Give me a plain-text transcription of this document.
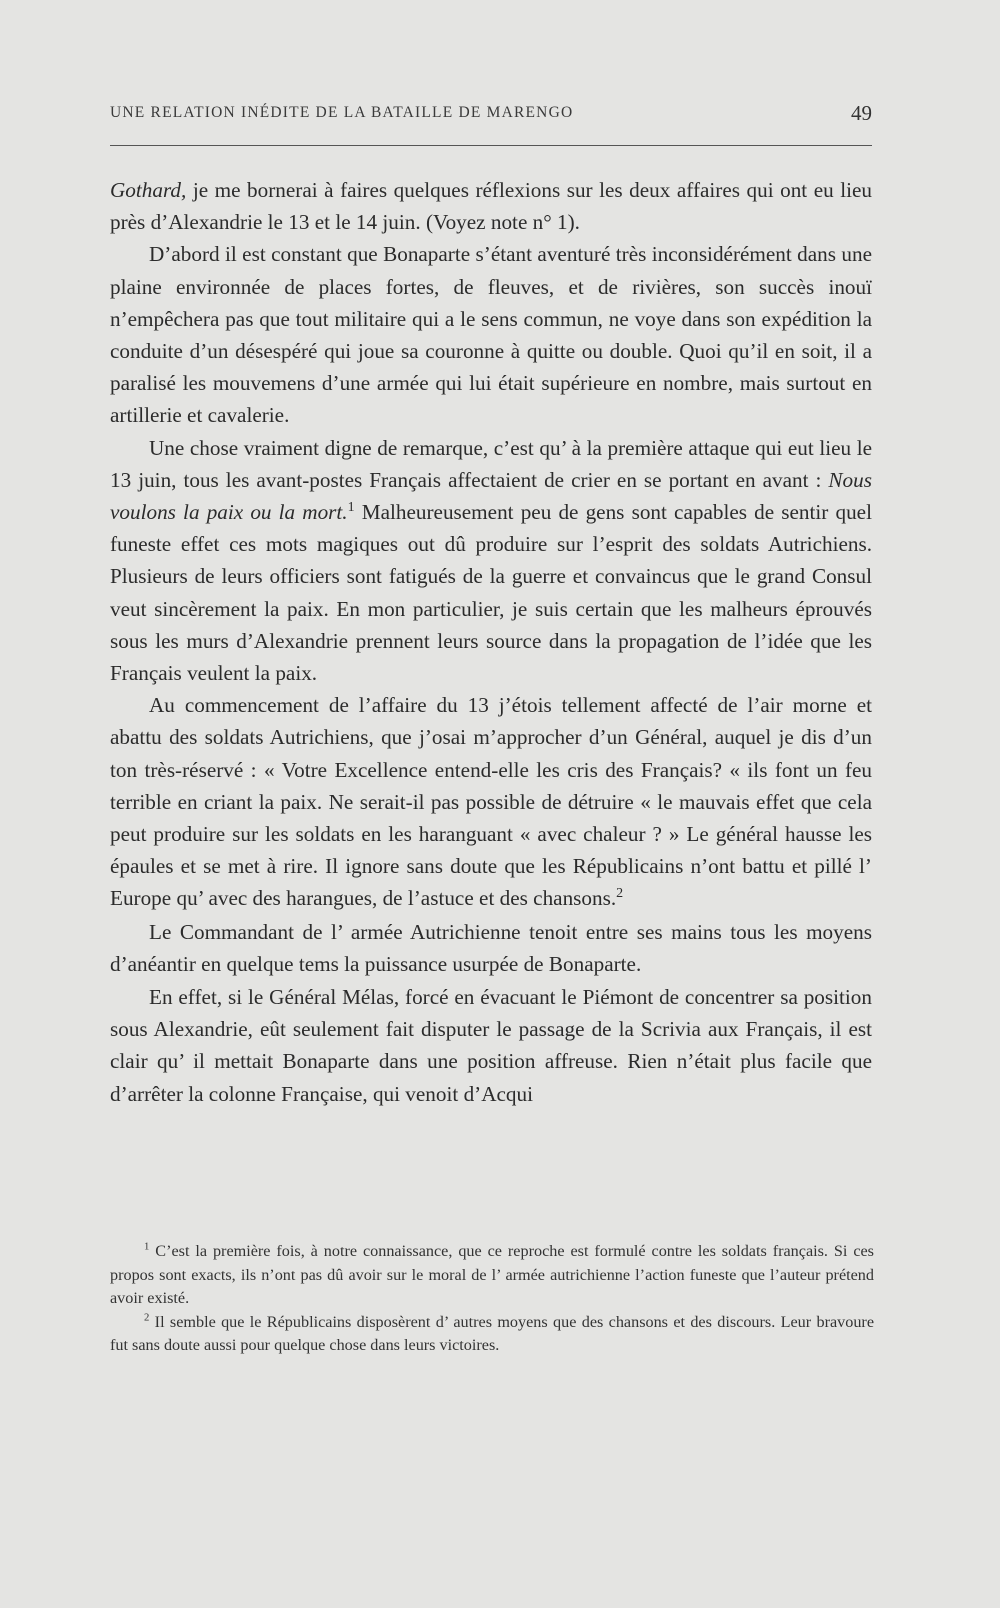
UNE RELATION INÉDITE DE LA BATAILLE DE MARENGO	49

Gothard, je me bornerai à faires quelques réflexions sur les deux affaires qui ont eu lieu près d’Alexandrie le 13 et le 14 juin. (Voyez note n° 1).

D’abord il est constant que Bonaparte s’étant aventuré très inconsidérément dans une plaine environnée de places fortes, de fleuves, et de rivières, son succès inouï n’empêchera pas que tout militaire qui a le sens commun, ne voye dans son expédition la conduite d’un désespéré qui joue sa couronne à quitte ou double. Quoi qu’il en soit, il a paralisé les mouvemens d’une armée qui lui était supérieure en nombre, mais surtout en artillerie et cavalerie.

Une chose vraiment digne de remarque, c’est qu’ à la première attaque qui eut lieu le 13 juin, tous les avant-postes Français affectaient de crier en se portant en avant : Nous voulons la paix ou la mort.$^1$ Malheureusement peu de gens sont capables de sentir quel funeste effet ces mots magiques out dû produire sur l’esprit des soldats Autrichiens. Plusieurs de leurs officiers sont fatigués de la guerre et convaincus que le grand Consul veut sincèrement la paix. En mon particulier, je suis certain que les malheurs éprouvés sous les murs d’Alexandrie prennent leurs source dans la propagation de l’idée que les Français veulent la paix.

Au commencement de l’affaire du 13 j’étois tellement affecté de l’air morne et abattu des soldats Autrichiens, que j’osai m’approcher d’un Général, auquel je dis d’un ton très-réservé : « Votre Excellence entend-elle les cris des Français? « ils font un feu terrible en criant la paix. Ne serait-il pas possible de détruire « le mauvais effet que cela peut produire sur les soldats en les haranguant « avec chaleur ? » Le général hausse les épaules et se met à rire. Il ignore sans doute que les Républicains n’ont battu et pillé l’ Europe qu’ avec des harangues, de l’astuce et des chansons.$^2$

Le Commandant de l’ armée Autrichienne tenoit entre ses mains tous les moyens d’anéantir en quelque tems la puissance usurpée de Bonaparte.

En effet, si le Général Mélas, forcé en évacuant le Piémont de concentrer sa position sous Alexandrie, eût seulement fait disputer le passage de la Scrivia aux Français, il est clair qu’ il mettait Bonaparte dans une position affreuse. Rien n’était plus facile que d’arrêter la colonne Française, qui venoit d’Acqui

$^1$ C’est la première fois, à notre connaissance, que ce reproche est formulé contre les soldats français. Si ces propos sont exacts, ils n’ont pas dû avoir sur le moral de l’ armée autrichienne l’action funeste que l’auteur prétend avoir existé.

$^2$ Il semble que le Républicains disposèrent d’ autres moyens que des chansons et des discours. Leur bravoure fut sans doute aussi pour quelque chose dans leurs victoires.
